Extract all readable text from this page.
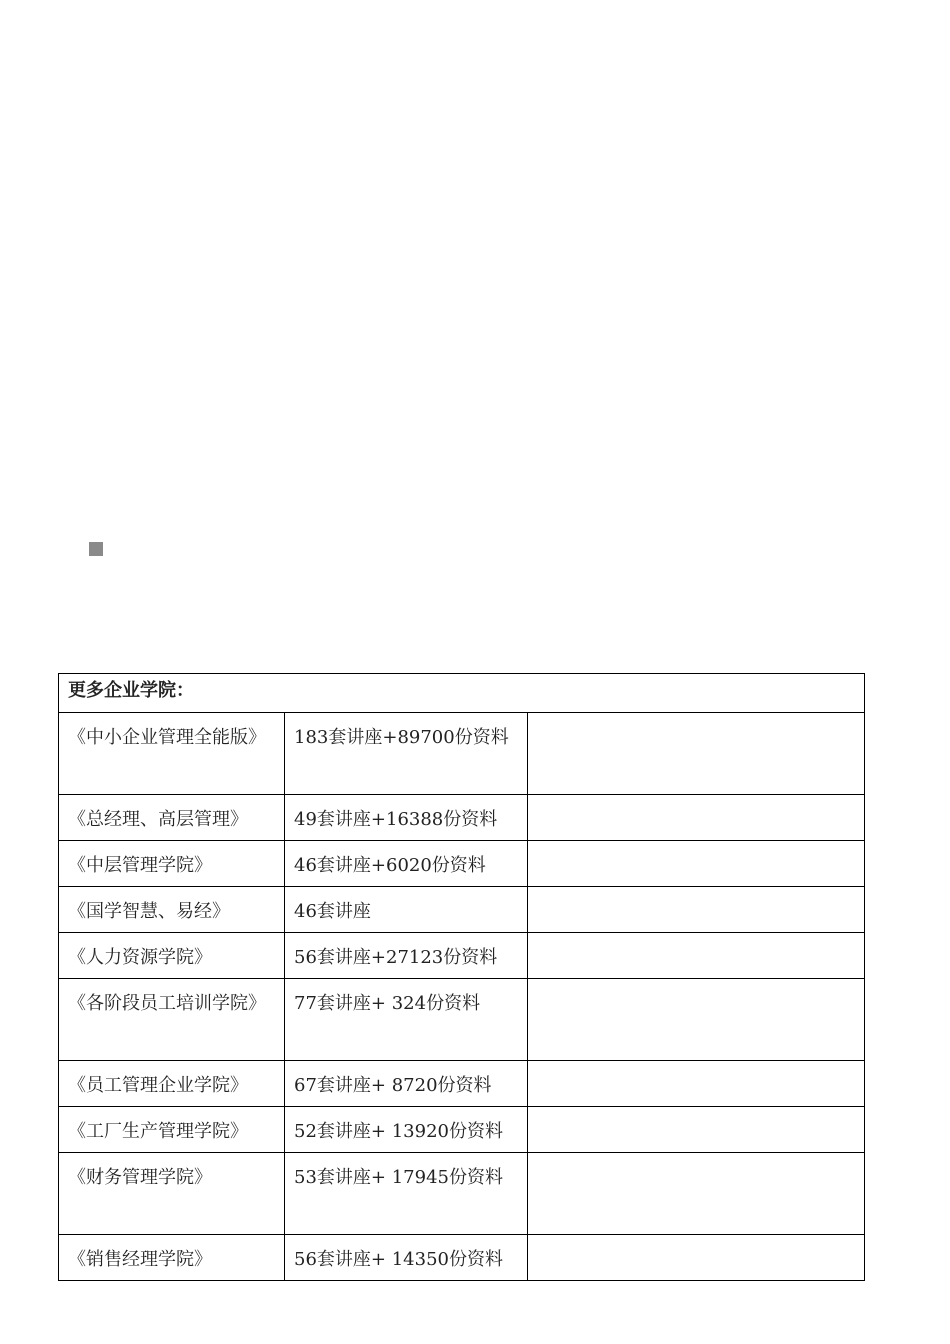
更多企业学院：		
《中小企业管理全能版》	183套讲座+89700份资料	
《总经理、高层管理》	49套讲座+16388份资料	
《中层管理学院》	46套讲座+6020份资料	
《国学智慧、易经》	46套讲座	
《人力资源学院》	56套讲座+27123份资料	
《各阶段员工培训学院》	77套讲座+ 324份资料	
《员工管理企业学院》	67套讲座+ 8720份资料	
《工厂生产管理学院》	52套讲座+ 13920份资料	
《财务管理学院》	53套讲座+ 17945份资料	
《销售经理学院》	56套讲座+ 14350份资料	
